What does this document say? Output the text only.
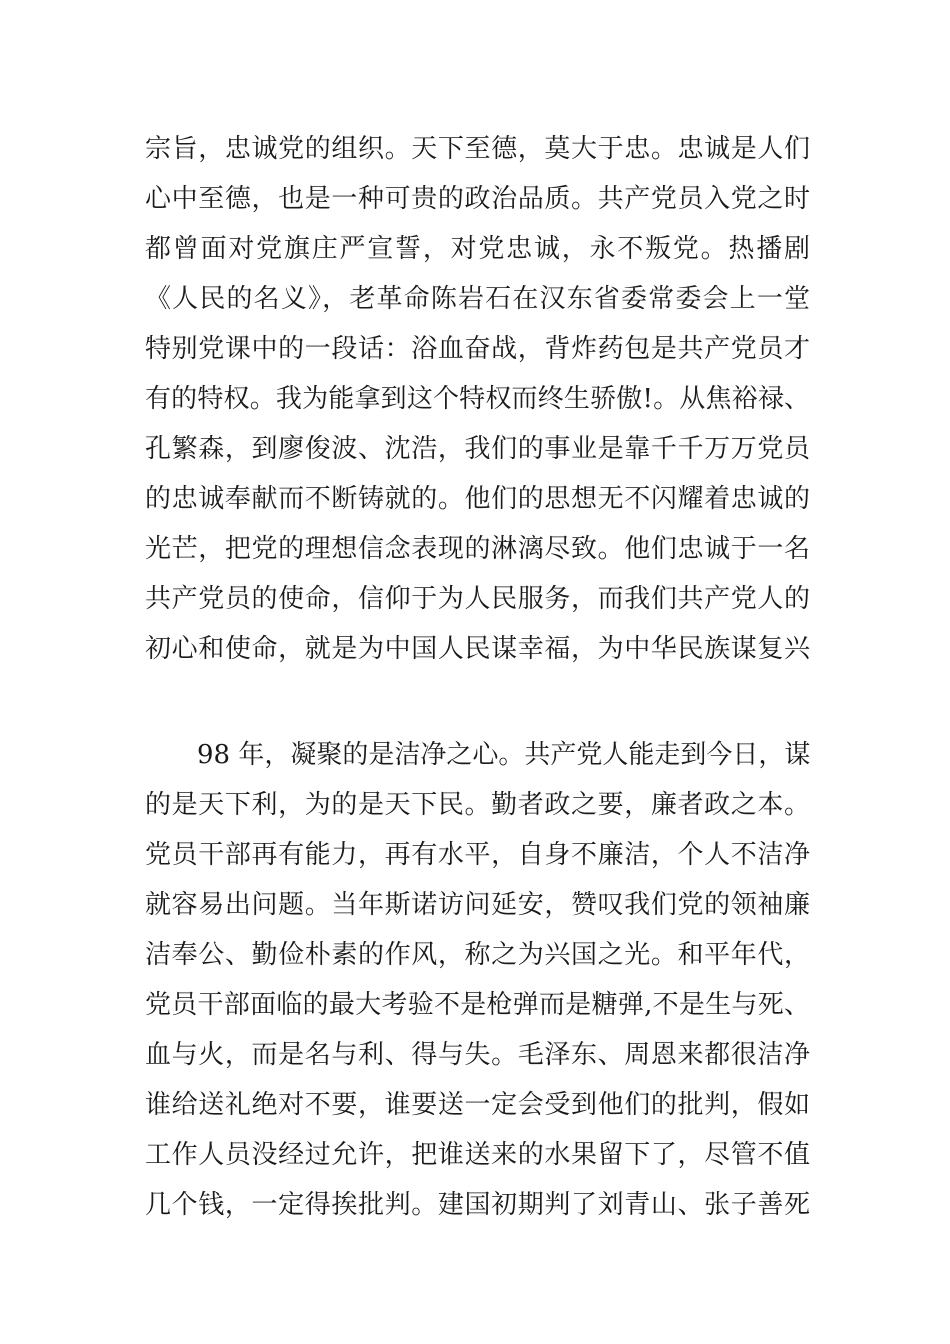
宗旨，忠诚党的组织。天下至德，莫大于忠。忠诚是人们
心中至德，也是一种可贵的政治品质。共产党员入党之时
都曾面对党旗庄严宣誓，对党忠诚，永不叛党。热播剧
《人民的名义》，老革命陈岩石在汉东省委常委会上一堂
特别党课中的一段话：浴血奋战，背炸药包是共产党员才
有的特权。我为能拿到这个特权而终生骄傲!。从焦裕禄、
孔繁森，到廖俊波、沈浩，我们的事业是靠千千万万党员
的忠诚奉献而不断铸就的。他们的思想无不闪耀着忠诚的
光芒，把党的理想信念表现的淋漓尽致。他们忠诚于一名
共产党员的使命，信仰于为人民服务，而我们共产党人的
初心和使命，就是为中国人民谋幸福，为中华民族谋复兴
98 年，凝聚的是洁净之心。共产党人能走到今日，谋
的是天下利，为的是天下民。勤者政之要，廉者政之本。
党员干部再有能力，再有水平，自身不廉洁，个人不洁净
就容易出问题。当年斯诺访问延安，赞叹我们党的领袖廉
洁奉公、勤俭朴素的作风，称之为兴国之光。和平年代，
党员干部面临的最大考验不是枪弹而是糖弹,不是生与死、
血与火，而是名与利、得与失。毛泽东、周恩来都很洁净
谁给送礼绝对不要，谁要送一定会受到他们的批判，假如
工作人员没经过允许，把谁送来的水果留下了，尽管不值
几个钱，一定得挨批判。建国初期判了刘青山、张子善死
